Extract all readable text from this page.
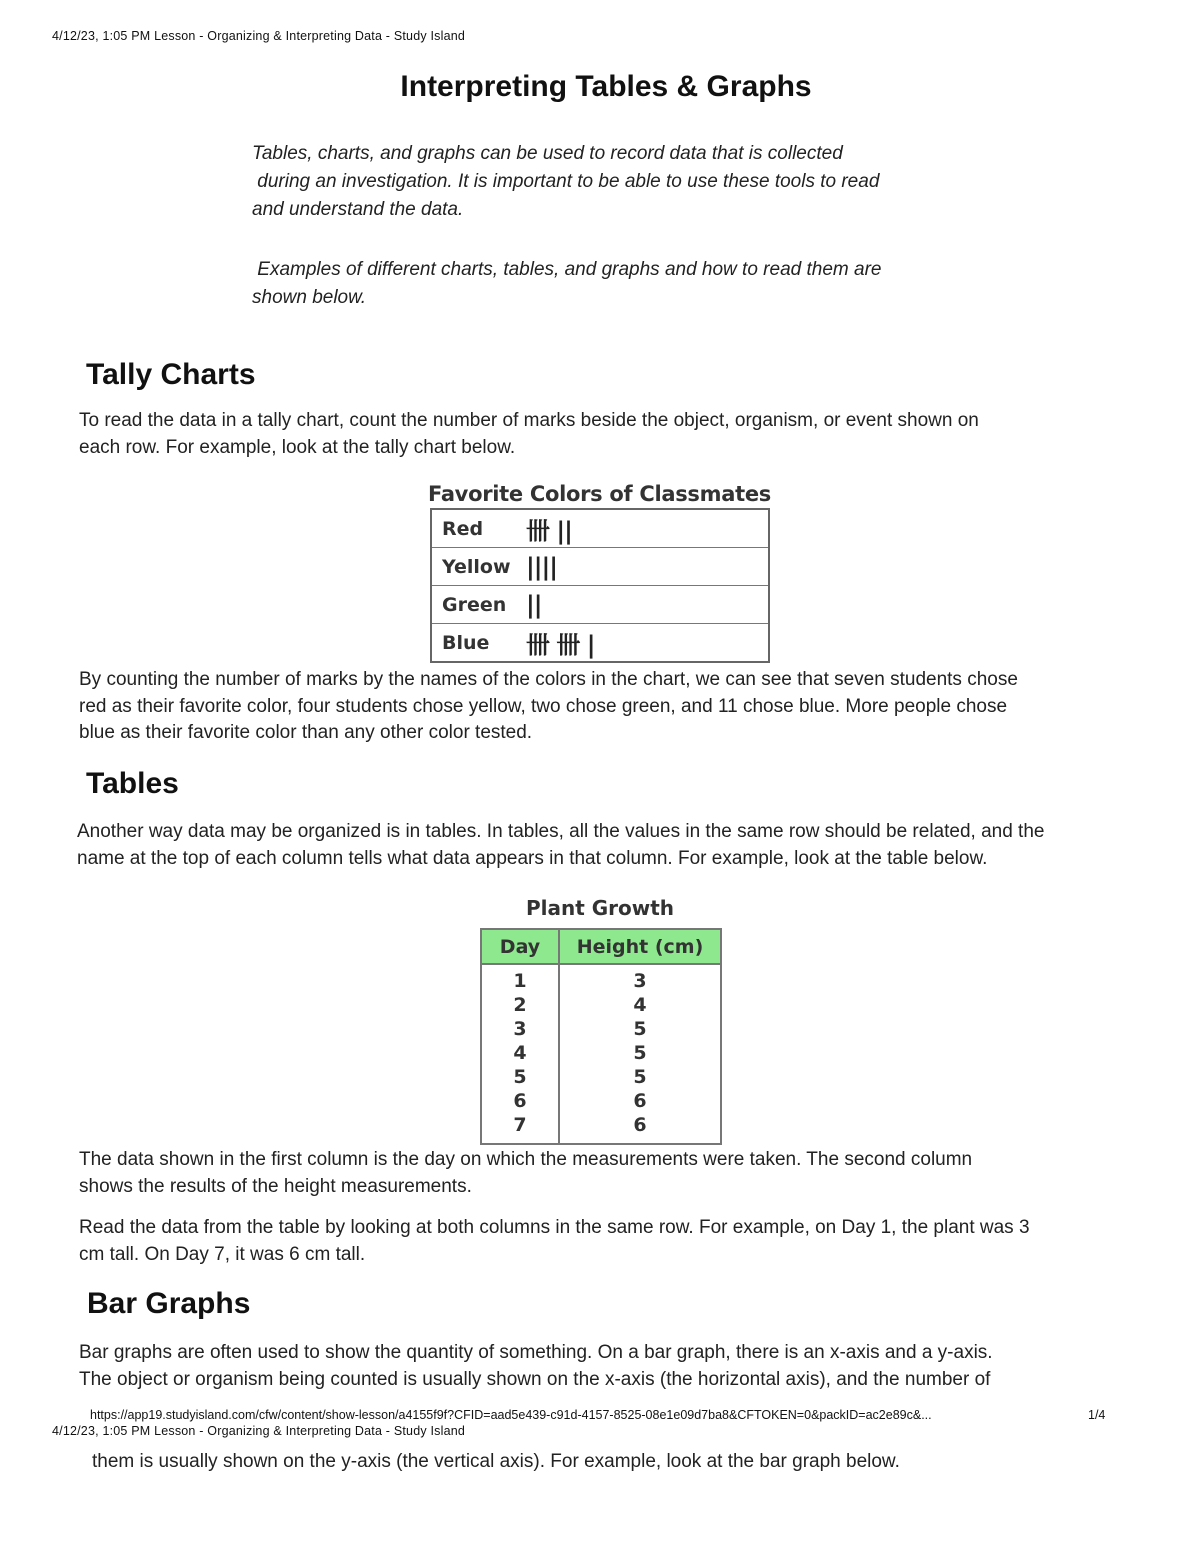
4/12/23, 1:05 PM Lesson - Organizing & Interpreting Data - Study Island
Interpreting Tables & Graphs

Tables, charts, and graphs can be used to record data that is collected

during an investigation. It is important to be able to use these tools to read

and understand the data.

Examples of different charts, tables, and graphs and how to read them are

shown below.

Tally Charts
To read the data in a tally chart, count the number of marks beside the object, organism, or event shown on
each row. For example, look at the tally chart below.
Favorite Colors of Classmates
Red	卌 ||
Yellow	||||
Green	||
Blue	卌 卌 |
By counting the number of marks by the names of the colors in the chart, we can see that seven students chose
red as their favorite color, four students chose yellow, two chose green, and 11 chose blue. More people chose
blue as their favorite color than any other color tested.
Tables
Another way data may be organized is in tables. In tables, all the values in the same row should be related, and the
name at the top of each column tells what data appears in that column. For example, look at the table below.
Plant Growth
Day	Height (cm)
1	3
2	4
3	5
4	5
5	5
6	6
7	6
The data shown in the first column is the day on which the measurements were taken. The second column
shows the results of the height measurements.
Read the data from the table by looking at both columns in the same row. For example, on Day 1, the plant was 3
cm tall. On Day 7, it was 6 cm tall.
Bar Graphs
Bar graphs are often used to show the quantity of something. On a bar graph, there is an x-axis and a y-axis.
The object or organism being counted is usually shown on the x-axis (the horizontal axis), and the number of
https://app19.studyisland.com/cfw/content/show-lesson/a4155f9f?CFID=aad5e439-c91d-4157-8525-08e1e09d7ba8&CFTOKEN=0&packID=ac2e89c&...	1/4
4/12/23, 1:05 PM Lesson - Organizing & Interpreting Data - Study Island
them is usually shown on the y-axis (the vertical axis). For example, look at the bar graph below.
